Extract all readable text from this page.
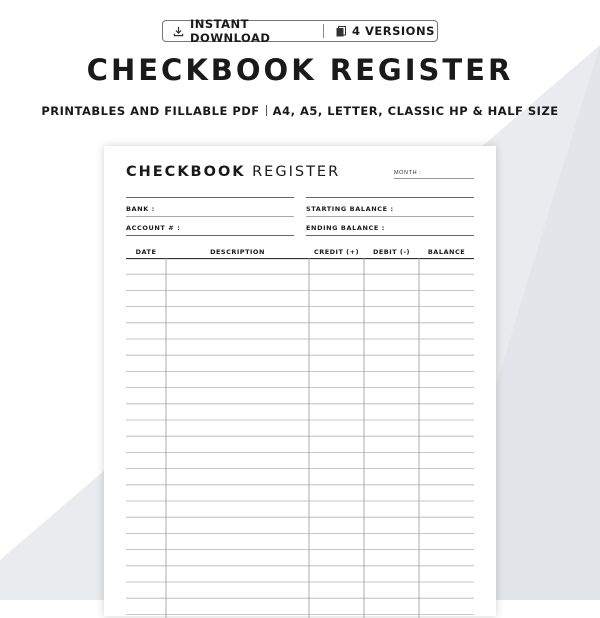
INSTANT DOWNLOAD	4 VERSIONS
CHECKBOOK REGISTER
PRINTABLES AND FILLABLE PDF A4, A5, LETTER, CLASSIC HP & HALF SIZE
CHECKBOOK REGISTER	MONTH :
BANK :
ACCOUNT # :
STARTING BALANCE :
ENDING BALANCE :
DATE	DESCRIPTION	CREDIT (+)	DEBIT (-)	BALANCE
